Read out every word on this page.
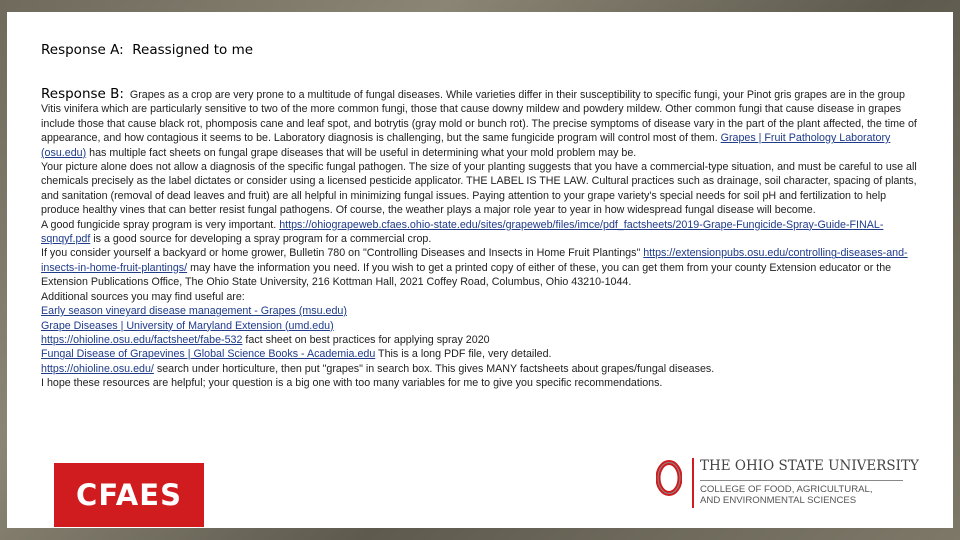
Response A: Reassigned to me

Response B: Grapes as a crop are very prone to a multitude of fungal diseases. While varieties differ in their susceptibility to specific fungi, your Pinot gris grapes are in the group Vitis vinifera which are particularly sensitive to two of the more common fungi, those that cause downy mildew and powdery mildew. Other common fungi that cause disease in grapes include those that cause black rot, phomposis cane and leaf spot, and botrytis (gray mold or bunch rot). The precise symptoms of disease vary in the part of the plant affected, the time of appearance, and how contagious it seems to be. Laboratory diagnosis is challenging, but the same fungicide program will control most of them. Grapes | Fruit Pathology Laboratory (osu.edu) has multiple fact sheets on fungal grape diseases that will be useful in determining what your mold problem may be.

Your picture alone does not allow a diagnosis of the specific fungal pathogen. The size of your planting suggests that you have a commercial-type situation, and must be careful to use all chemicals precisely as the label dictates or consider using a licensed pesticide applicator. THE LABEL IS THE LAW. Cultural practices such as drainage, soil character, spacing of plants, and sanitation (removal of dead leaves and fruit) are all helpful in minimizing fungal issues. Paying attention to your grape variety's special needs for soil pH and fertilization to help produce healthy vines that can better resist fungal pathogens. Of course, the weather plays a major role year to year in how widespread fungal disease will become.

A good fungicide spray program is very important. https://ohiograpeweb.cfaes.ohio-state.edu/sites/grapeweb/files/imce/pdf_factsheets/2019-Grape-Fungicide-Spray-Guide-FINAL-sqnqyf.pdf is a good source for developing a spray program for a commercial crop.

If you consider yourself a backyard or home grower, Bulletin 780 on "Controlling Diseases and Insects in Home Fruit Plantings" https://extensionpubs.osu.edu/controlling-diseases-and-insects-in-home-fruit-plantings/ may have the information you need. If you wish to get a printed copy of either of these, you can get them from your county Extension educator or the Extension Publications Office, The Ohio State University, 216 Kottman Hall, 2021 Coffey Road, Columbus, Ohio 43210-1044.

Additional sources you may find useful are:

Early season vineyard disease management - Grapes (msu.edu)

Grape Diseases | University of Maryland Extension (umd.edu)

https://ohioline.osu.edu/factsheet/fabe-532 fact sheet on best practices for applying spray 2020

Fungal Disease of Grapevines | Global Science Books - Academia.edu This is a long PDF file, very detailed.

https://ohioline.osu.edu/ search under horticulture, then put "grapes" in search box. This gives MANY factsheets about grapes/fungal diseases.

I hope these resources are helpful; your question is a big one with too many variables for me to give you specific recommendations.

CFAES
THE OHIO STATE UNIVERSITY
COLLEGE OF FOOD, AGRICULTURAL,
AND ENVIRONMENTAL SCIENCES
